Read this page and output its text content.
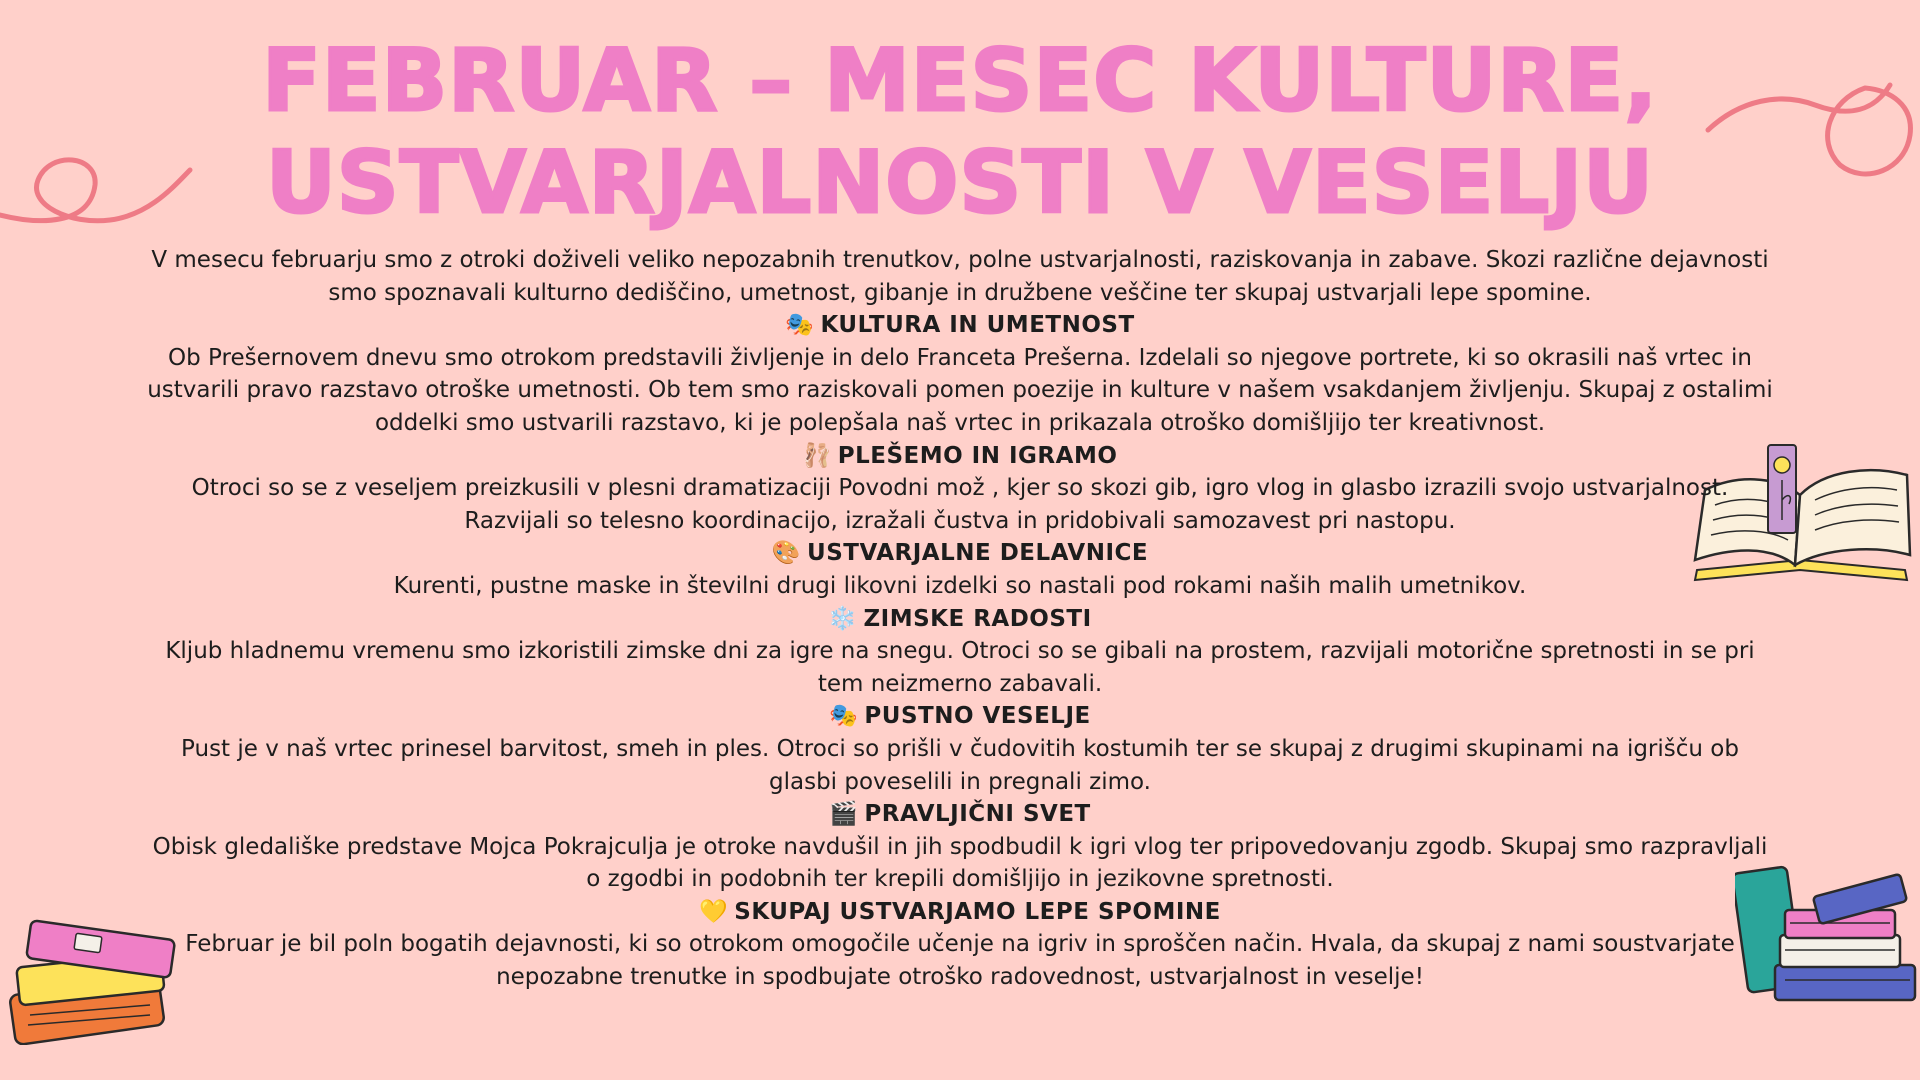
FEBRUAR – MESEC KULTURE,
USTVARJALNOSTI V VESELJU

V mesecu februarju smo z otroki doživeli veliko nepozabnih trenutkov, polne ustvarjalnosti, raziskovanja in zabave. Skozi različne dejavnosti smo spoznavali kulturno dediščino, umetnost, gibanje in družbene veščine ter skupaj ustvarjali lepe spomine.

🎭 KULTURA IN UMETNOST

Ob Prešernovem dnevu smo otrokom predstavili življenje in delo Franceta Prešerna. Izdelali so njegove portrete, ki so okrasili naš vrtec in ustvarili pravo razstavo otroške umetnosti. Ob tem smo raziskovali pomen poezije in kulture v našem vsakdanjem življenju. Skupaj z ostalimi oddelki smo ustvarili razstavo, ki je polepšala naš vrtec in prikazala otroško domišljijo ter kreativnost.

🩰 PLEŠEMO IN IGRAMO

Otroci so se z veseljem preizkusili v plesni dramatizaciji Povodni mož , kjer so skozi gib, igro vlog in glasbo izrazili svojo ustvarjalnost. Razvijali so telesno koordinacijo, izražali čustva in pridobivali samozavest pri nastopu.

🎨 USTVARJALNE DELAVNICE

Kurenti, pustne maske in številni drugi likovni izdelki so nastali pod rokami naših malih umetnikov.

❄️ ZIMSKE RADOSTI

Kljub hladnemu vremenu smo izkoristili zimske dni za igre na snegu. Otroci so se gibali na prostem, razvijali motorične spretnosti in se pri tem neizmerno zabavali.

🎭 PUSTNO VESELJE

Pust je v naš vrtec prinesel barvitost, smeh in ples. Otroci so prišli v čudovitih kostumih ter se skupaj z drugimi skupinami na igrišču ob glasbi poveselili in pregnali zimo.

🎬 PRAVLJIČNI SVET

Obisk gledališke predstave Mojca Pokrajculja je otroke navdušil in jih spodbudil k igri vlog ter pripovedovanju zgodb. Skupaj smo razpravljali o zgodbi in podobnih ter krepili domišljijo in jezikovne spretnosti.

💛 SKUPAJ USTVARJAMO LEPE SPOMINE

Februar je bil poln bogatih dejavnosti, ki so otrokom omogočile učenje na igriv in sproščen način. Hvala, da skupaj z nami soustvarjate nepozabne trenutke in spodbujate otroško radovednost, ustvarjalnost in veselje!
